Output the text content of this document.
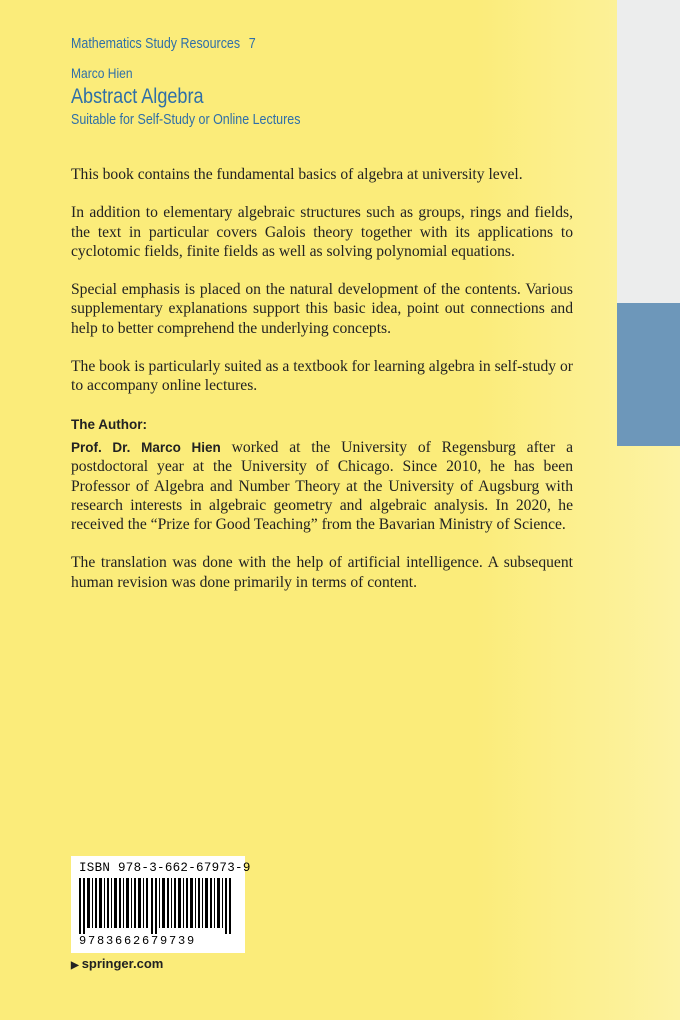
Mathematics Study Resources 7
Marco Hien
Abstract Algebra
Suitable for Self-Study or Online Lectures

This book contains the fundamental basics of algebra at university level.

In addition to elementary algebraic structures such as groups, rings and fields, the text in particular covers Galois theory together with its applications to cyclotomic fields, finite fields as well as solving polynomial equations.

Special emphasis is placed on the natural development of the contents. Various supplementary explanations support this basic idea, point out connections and help to better comprehend the underlying concepts.

The book is particularly suited as a textbook for learning algebra in self-study or to accompany online lectures.

The Author:

Prof. Dr. Marco Hien worked at the University of Regensburg after a postdoctoral year at the University of Chicago. Since 2010, he has been Professor of Algebra and Number Theory at the University of Augsburg with research interests in algebraic geometry and algebraic analysis. In 2020, he received the “Prize for Good Teaching” from the Bavarian Ministry of Science.

The translation was done with the help of artificial intelligence. A subsequent human revision was done primarily in terms of content.

ISBN 978-3-662-67973-9
9783662679739
▶ springer.com
